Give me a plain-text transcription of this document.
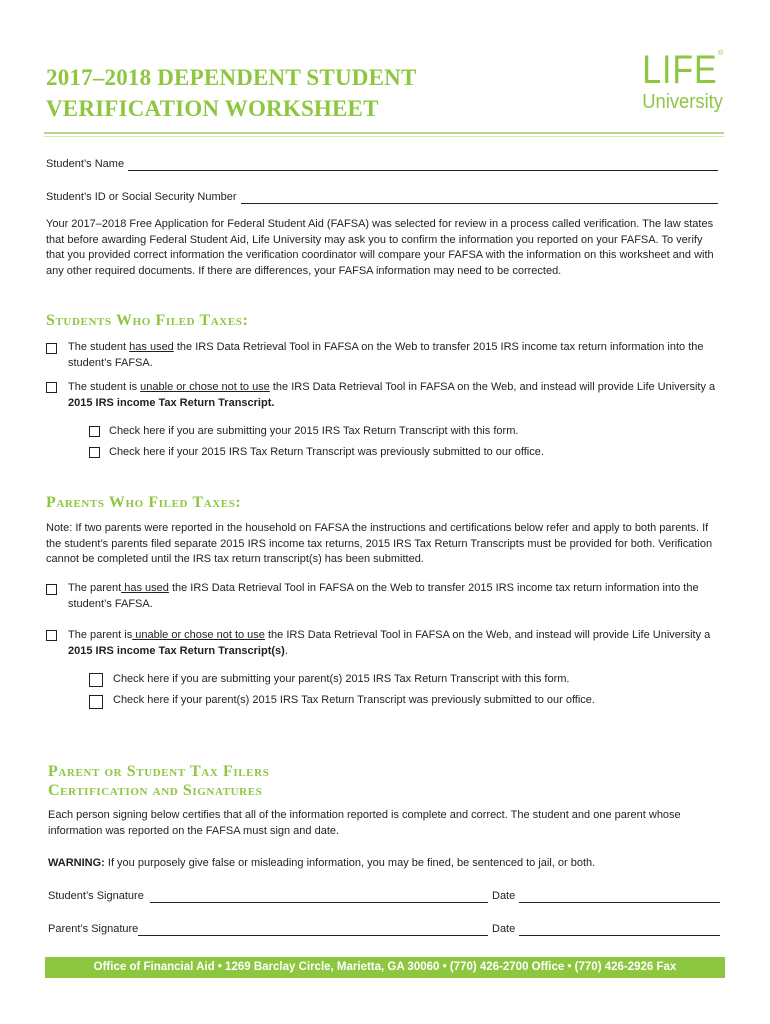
2017–2018 DEPENDENT STUDENT
VERIFICATION WORKSHEET
LIFE®
University
Student’s Name
Student’s ID or Social Security Number
Your 2017–2018 Free Application for Federal Student Aid (FAFSA) was selected for review in a process called verification. The law states that before awarding Federal Student Aid, Life University may ask you to confirm the information you reported on your FAFSA. To verify that you provided correct information the verification coordinator will compare your FAFSA with the information on this worksheet and with any other required documents. If there are differences, your FAFSA information may need to be corrected.
Students Who Filed Taxes:
The student has used the IRS Data Retrieval Tool in FAFSA on the Web to transfer 2015 IRS income tax return information into the student’s FAFSA.
The student is unable or chose not to use the IRS Data Retrieval Tool in FAFSA on the Web, and instead will provide Life University a 2015 IRS income Tax Return Transcript.
Check here if you are submitting your 2015 IRS Tax Return Transcript with this form.
Check here if your 2015 IRS Tax Return Transcript was previously submitted to our office.
Parents Who Filed Taxes:
Note: If two parents were reported in the household on FAFSA the instructions and certifications below refer and apply to both parents. If the student’s parents filed separate 2015 IRS income tax returns, 2015 IRS Tax Return Transcripts must be provided for both. Verification cannot be completed until the IRS tax return transcript(s) has been submitted.
The parent has used the IRS Data Retrieval Tool in FAFSA on the Web to transfer 2015 IRS income tax return information into the student’s FAFSA.
The parent is unable or chose not to use the IRS Data Retrieval Tool in FAFSA on the Web, and instead will provide Life University a 2015 IRS income Tax Return Transcript(s).
Check here if you are submitting your parent(s) 2015 IRS Tax Return Transcript with this form.
Check here if your parent(s) 2015 IRS Tax Return Transcript was previously submitted to our office.
Parent or Student Tax Filers
Certification and Signatures
Each person signing below certifies that all of the information reported is complete and correct. The student and one parent whose information was reported on the FAFSA must sign and date.
WARNING: If you purposely give false or misleading information, you may be fined, be sentenced to jail, or both.
Student’s Signature	Date
Parent’s Signature	Date
Office of Financial Aid • 1269 Barclay Circle, Marietta, GA 30060 • (770) 426-2700 Office • (770) 426-2926 Fax
